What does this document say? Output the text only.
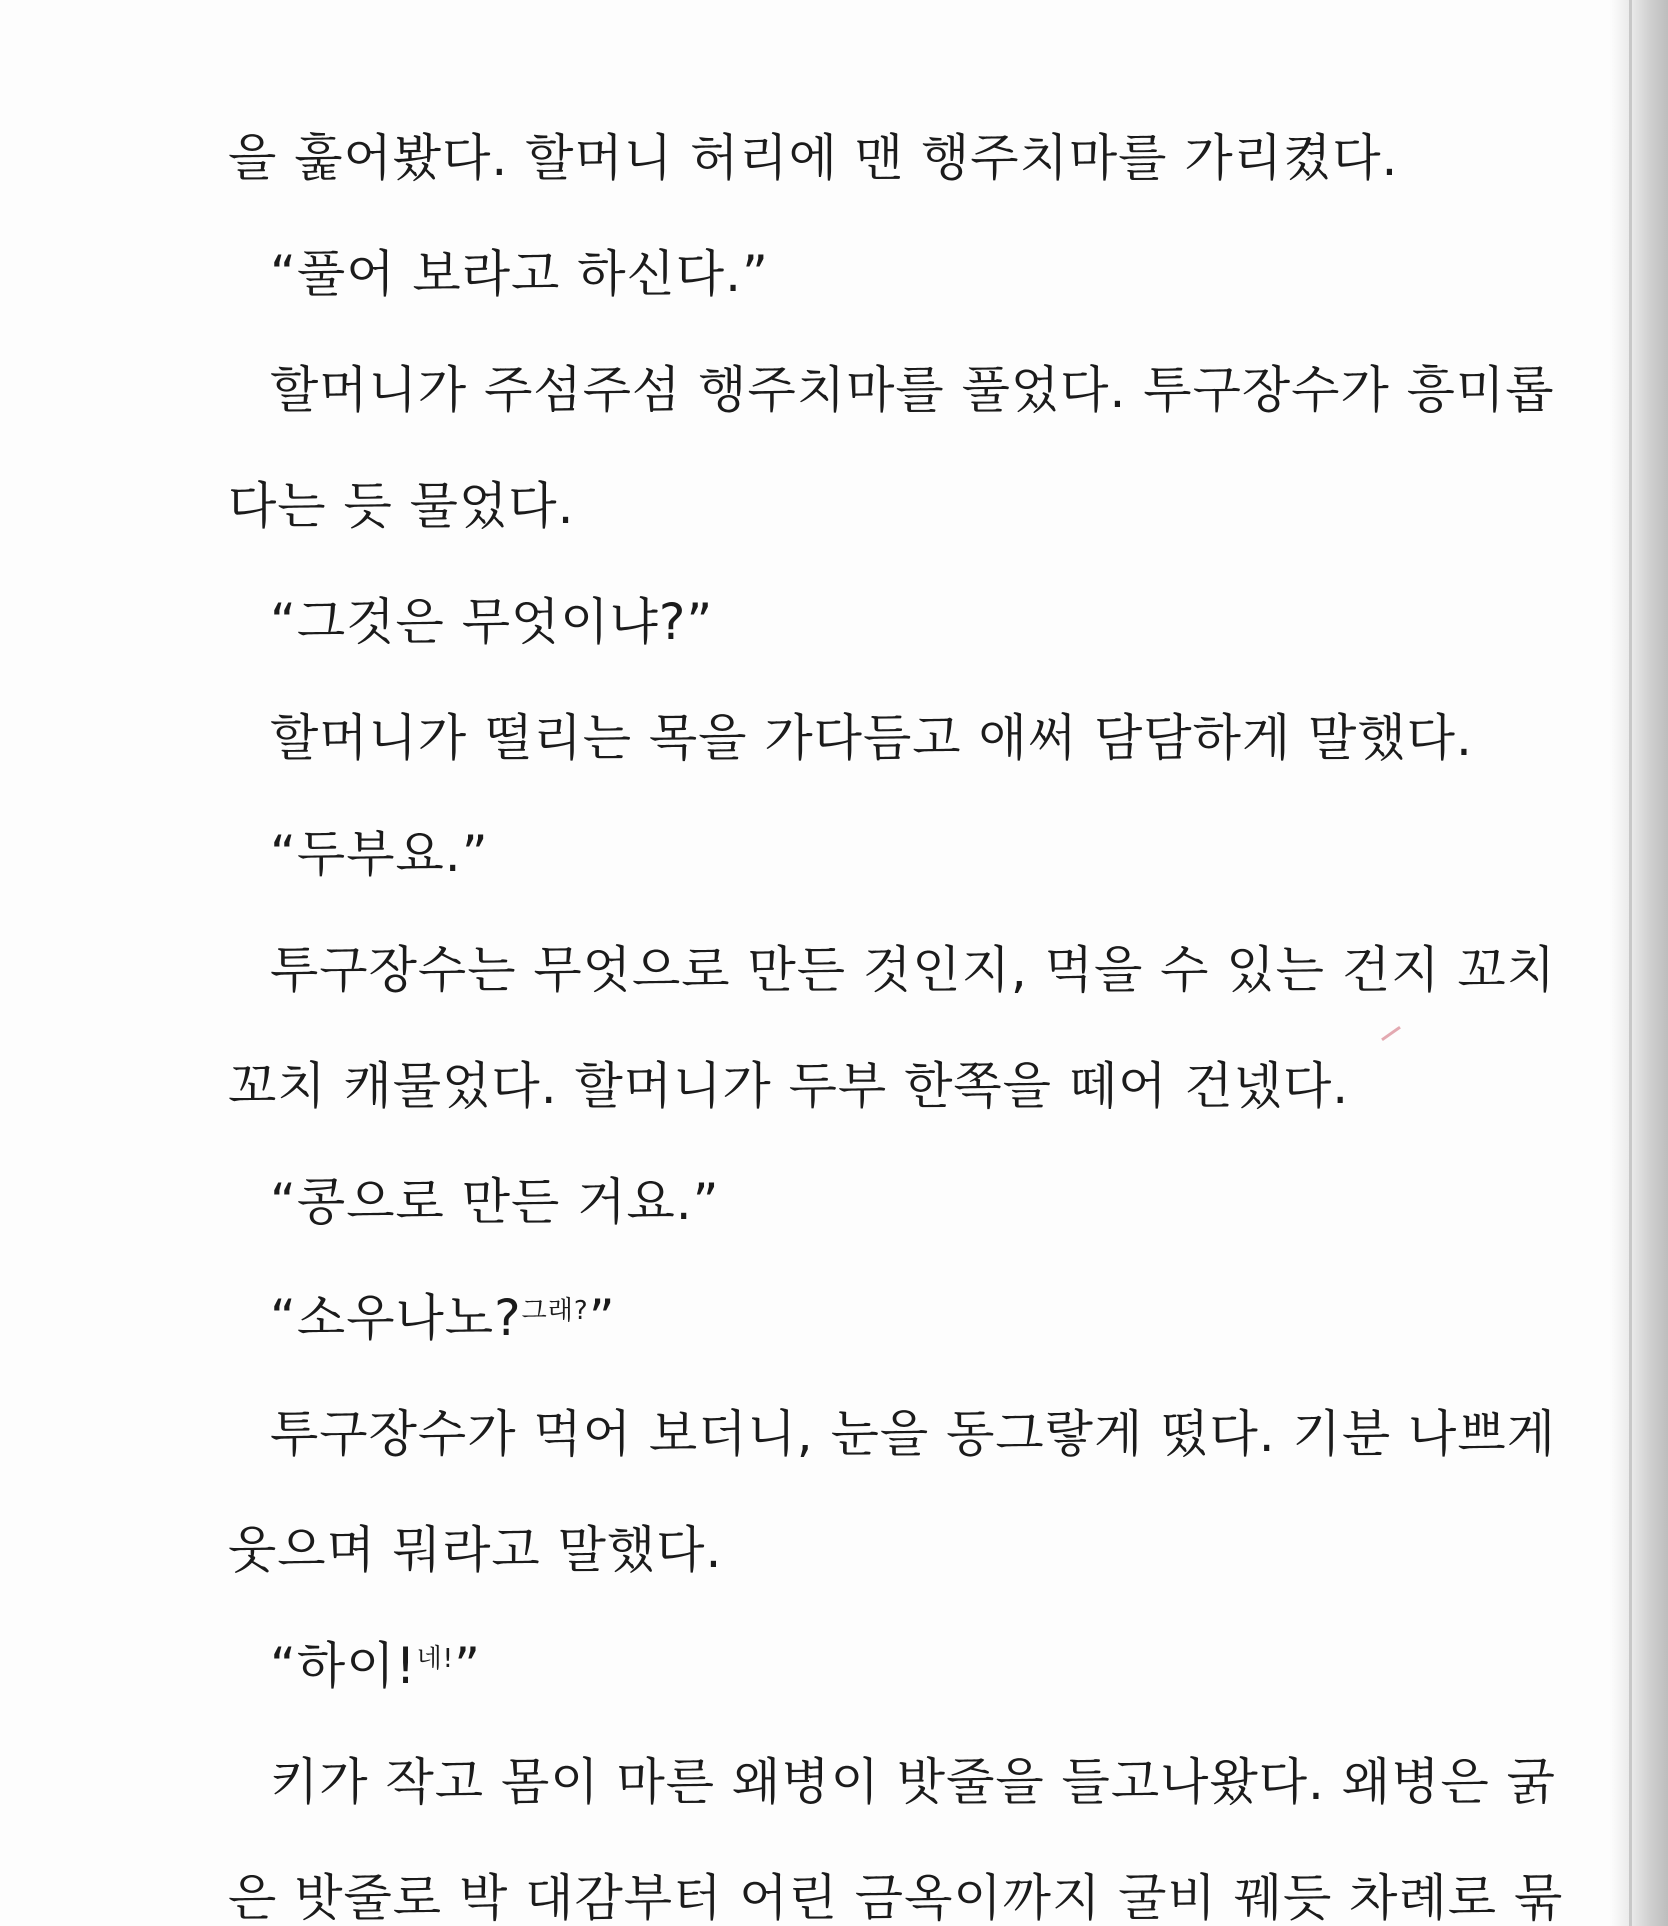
을 훑어봤다. 할머니 허리에 맨 행주치마를 가리켰다.
“풀어 보라고 하신다.”
할머니가 주섬주섬 행주치마를 풀었다. 투구장수가 흥미롭
다는 듯 물었다.
“그것은 무엇이냐?”
할머니가 떨리는 목을 가다듬고 애써 담담하게 말했다.
“두부요.”
투구장수는 무엇으로 만든 것인지, 먹을 수 있는 건지 꼬치
꼬치 캐물었다. 할머니가 두부 한쪽을 떼어 건넸다.
“콩으로 만든 거요.”
“소우나노?$^{그래?}$”
투구장수가 먹어 보더니, 눈을 동그랗게 떴다. 기분 나쁘게
웃으며 뭐라고 말했다.
“하이!$^{네!}$”
키가 작고 몸이 마른 왜병이 밧줄을 들고나왔다. 왜병은 굵
은 밧줄로 박 대감부터 어린 금옥이까지 굴비 꿰듯 차례로 묶
